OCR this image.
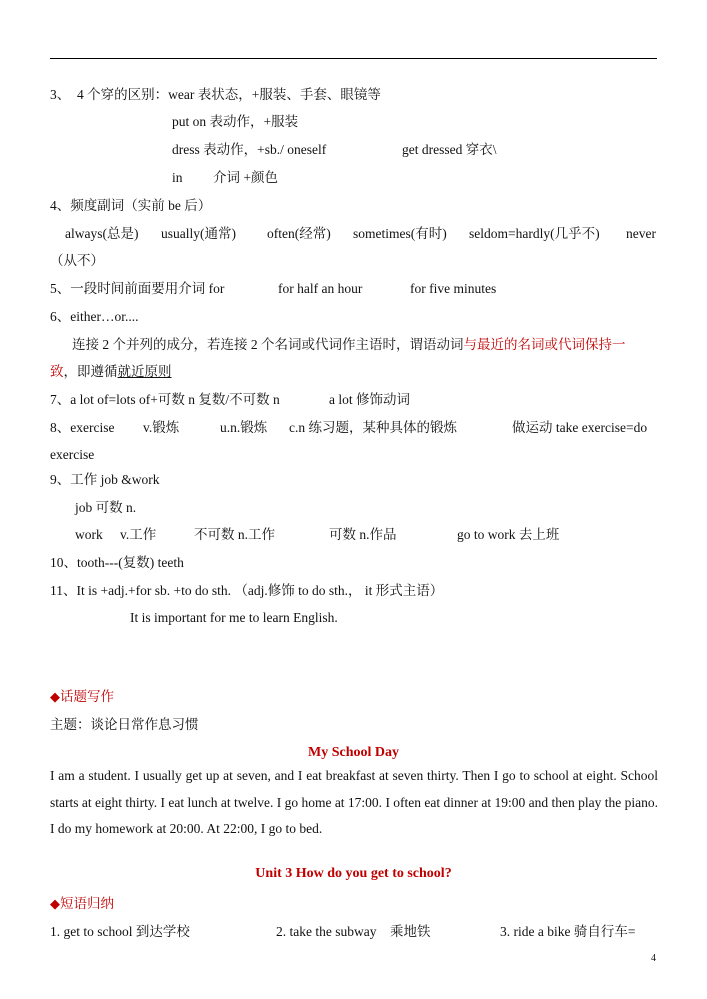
3、　4 个穿的区别：wear 表状态，+服装、手套、眼镜等
put on 表动作，+服装
dress 表动作，+sb./ oneself	get dressed 穿衣\
in 介词 +颜色
4、频度副词（实前 be 后）
always(总是) usually(通常) often(经常) sometimes(有时) seldom=hardly(几乎不) never
（从不）
5、一段时间前面要用介词 for	for half an hour	for five minutes
6、either…or....
连接 2 个并列的成分，若连接 2 个名词或代词作主语时，谓语动词与最近的名词或代词保持一
致，即遵循就近原则
7、a lot of=lots of+可数 n 复数/不可数 n	a lot 修饰动词
8、exercise v.锻炼	u.n.锻炼 c.n 练习题，某种具体的锻炼	做运动 take exercise=do
exercise
9、工作 job &work
job 可数 n.
work v.工作	不可数 n.工作	可数 n.作品	go to work 去上班
10、tooth---(复数) teeth
11、It is +adj.+for sb. +to do sth. （adj.修饰 to do sth.， it 形式主语）
It is important for me to learn English.
◆话题写作
主题：谈论日常作息习惯
My School Day
I am a student. I usually get up at seven, and I eat breakfast at seven thirty. Then I go to school at eight. School starts at eight thirty. I eat lunch at twelve. I go home at 17:00. I often eat dinner at 19:00 and then play the piano. I do my homework at 20:00. At 22:00, I go to bed.
Unit 3 How do you get to school?
◆短语归纳
1. get to school 到达学校	2. take the subway　乘地铁	3. ride a bike 骑自行车=
4
